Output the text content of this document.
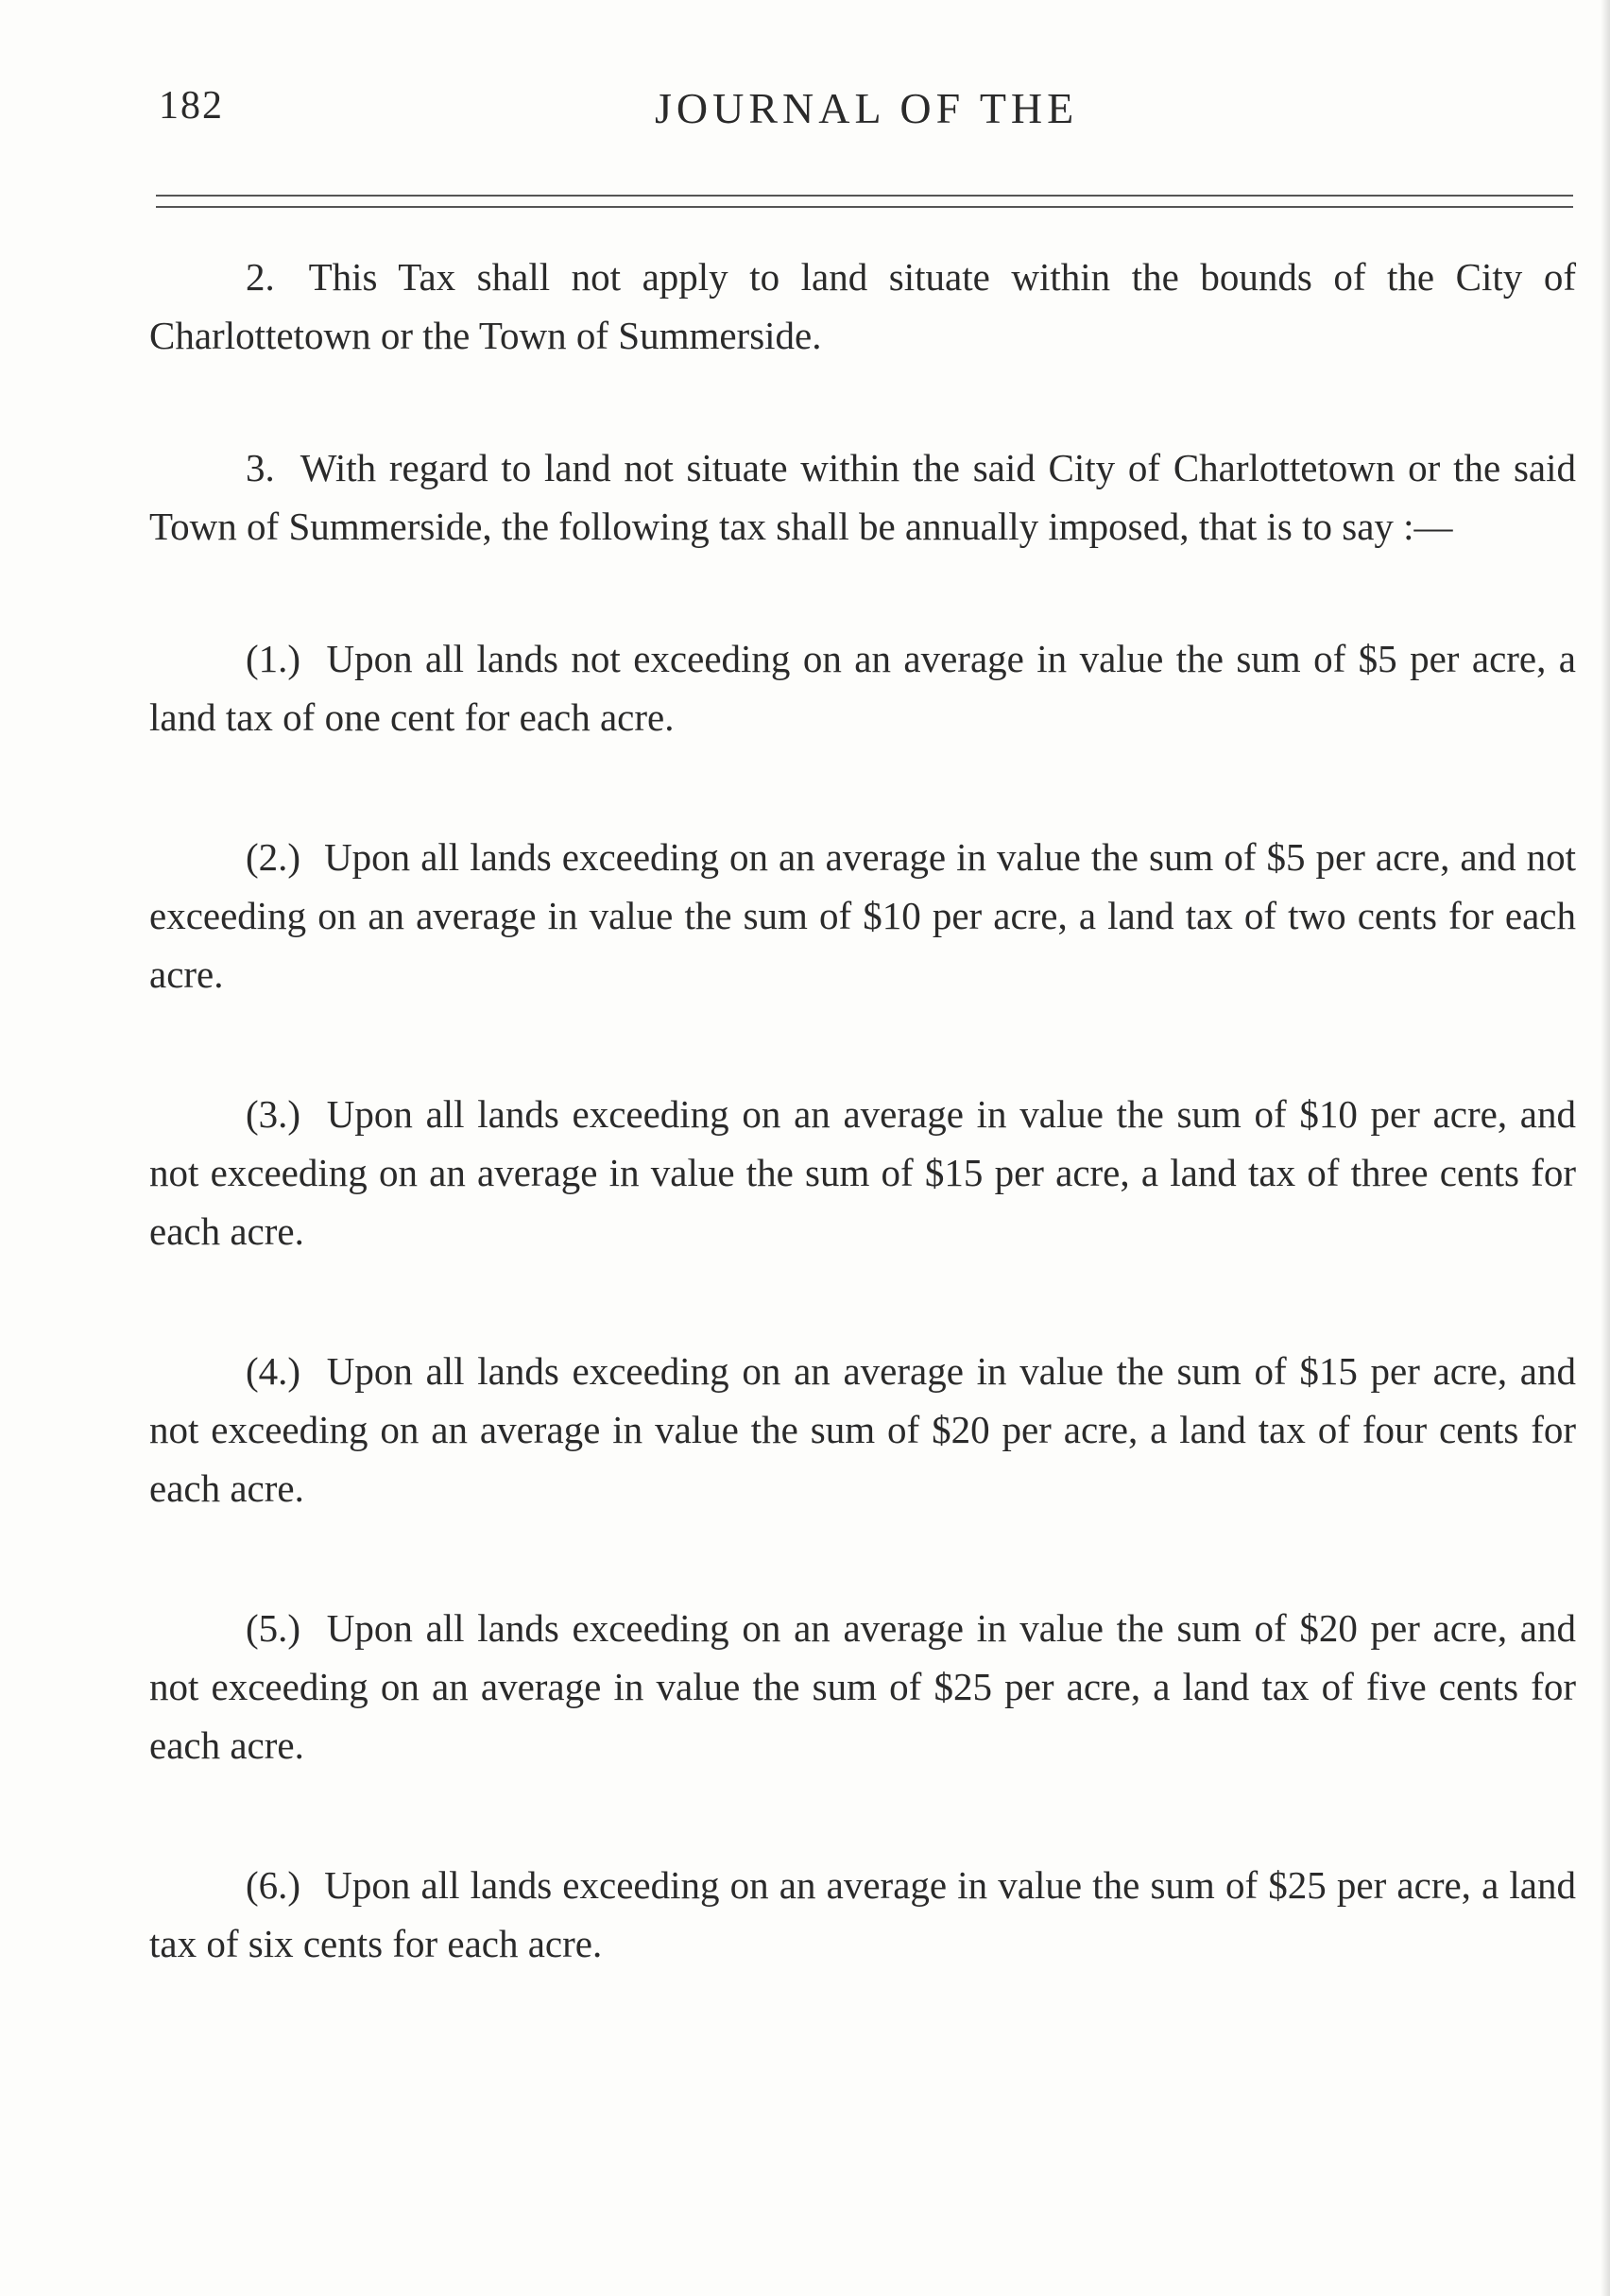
182	JOURNAL OF THE

2. This Tax shall not apply to land situate within the bounds of the City of Charlottetown or the Town of Summerside.

3. With regard to land not situate within the said City of Charlottetown or the said Town of Summerside, the following tax shall be annually imposed, that is to say :—

(1.) Upon all lands not exceeding on an average in value the sum of $5 per acre, a land tax of one cent for each acre.

(2.) Upon all lands exceeding on an average in value the sum of $5 per acre, and not exceeding on an average in value the sum of $10 per acre, a land tax of two cents for each acre.

(3.) Upon all lands exceeding on an average in value the sum of $10 per acre, and not exceeding on an average in value the sum of $15 per acre, a land tax of three cents for each acre.

(4.) Upon all lands exceeding on an average in value the sum of $15 per acre, and not exceeding on an average in value the sum of $20 per acre, a land tax of four cents for each acre.

(5.) Upon all lands exceeding on an average in value the sum of $20 per acre, and not exceeding on an average in value the sum of $25 per acre, a land tax of five cents for each acre.

(6.) Upon all lands exceeding on an average in value the sum of $25 per acre, a land tax of six cents for each acre.
